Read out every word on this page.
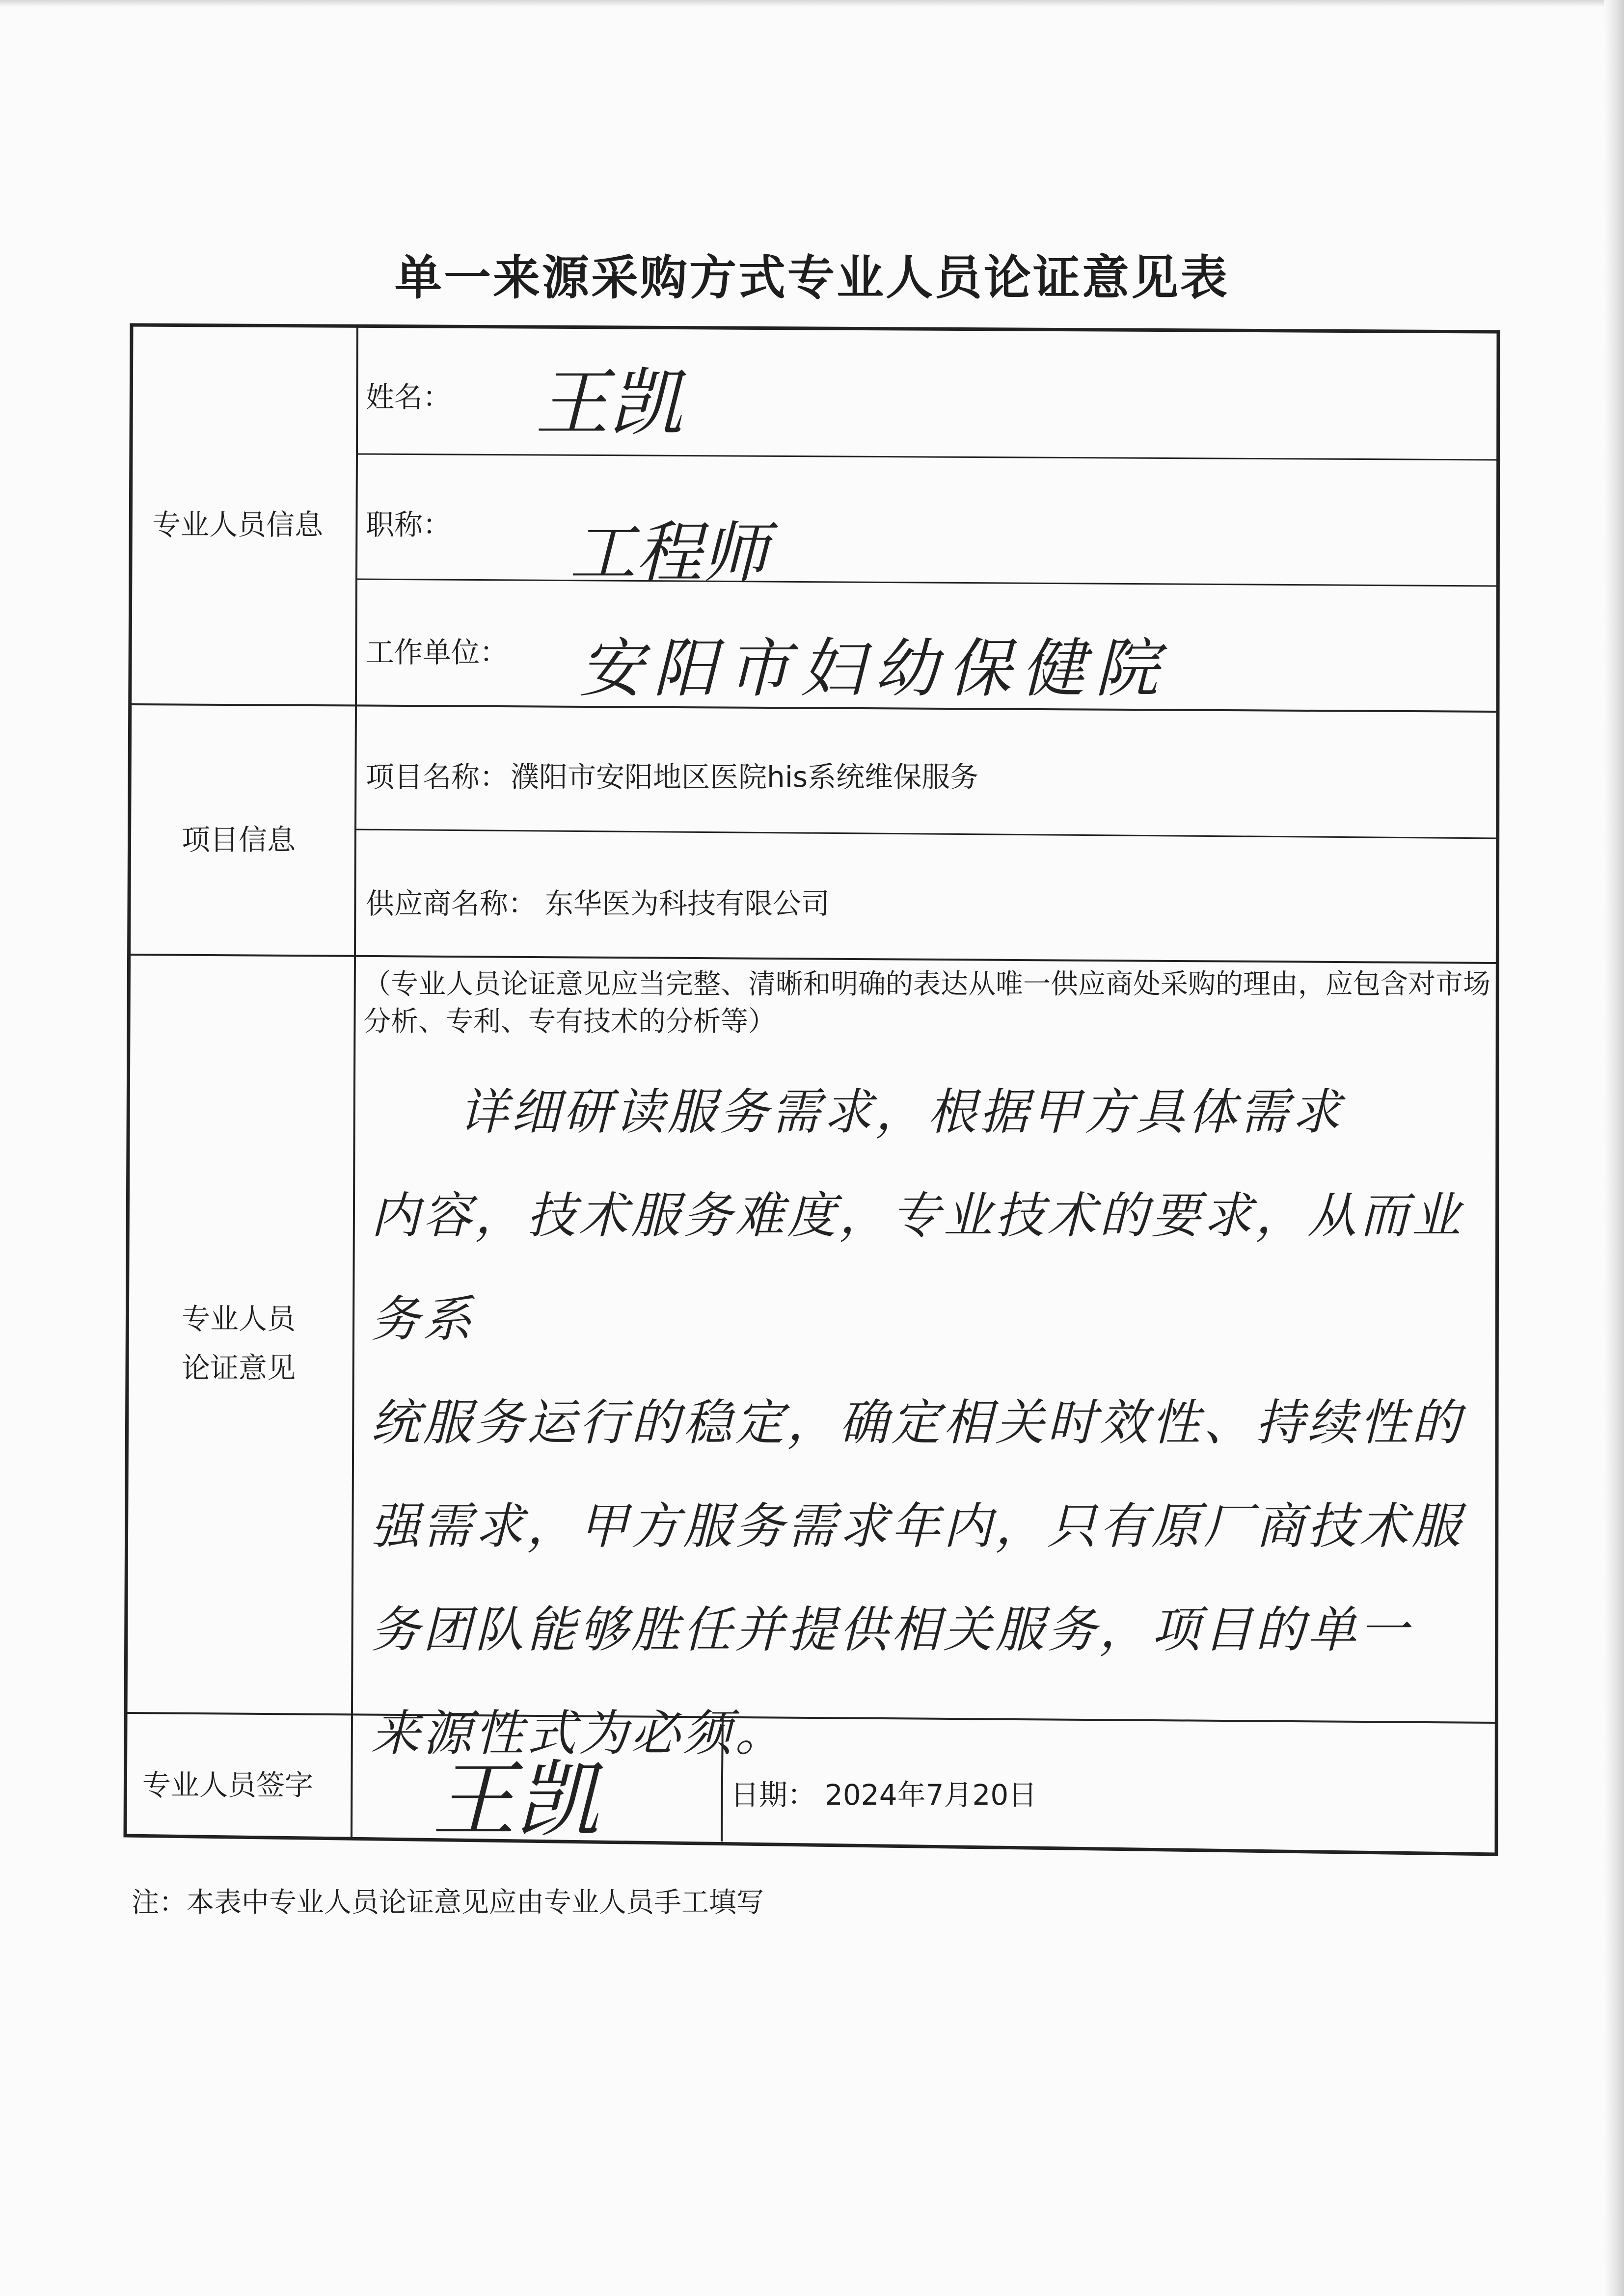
单一来源采购方式专业人员论证意见表
专业人员信息
项目信息
专业人员
论证意见
专业人员签字
姓名： 王凯
职称： 工程师
工作单位： 安阳市妇幼保健院
项目名称： 濮阳市安阳地区医院his系统维保服务
供应商名称： 东华医为科技有限公司
（专业人员论证意见应当完整、清晰和明确的表达从唯一供应商处采购的理由，应包含对市场分析、专利、专有技术的分析等）
详细研读服务需求，根据甲方具体需求
内容，技术服务难度，专业技术的要求，从而业务系
统服务运行的稳定，确定相关时效性、持续性的
强需求，甲方服务需求年内，只有原厂商技术服
务团队能够胜任并提供相关服务，项目的单一
来源性式为必须。
王凯	日期： 2024年7月20日
注：本表中专业人员论证意见应由专业人员手工填写
